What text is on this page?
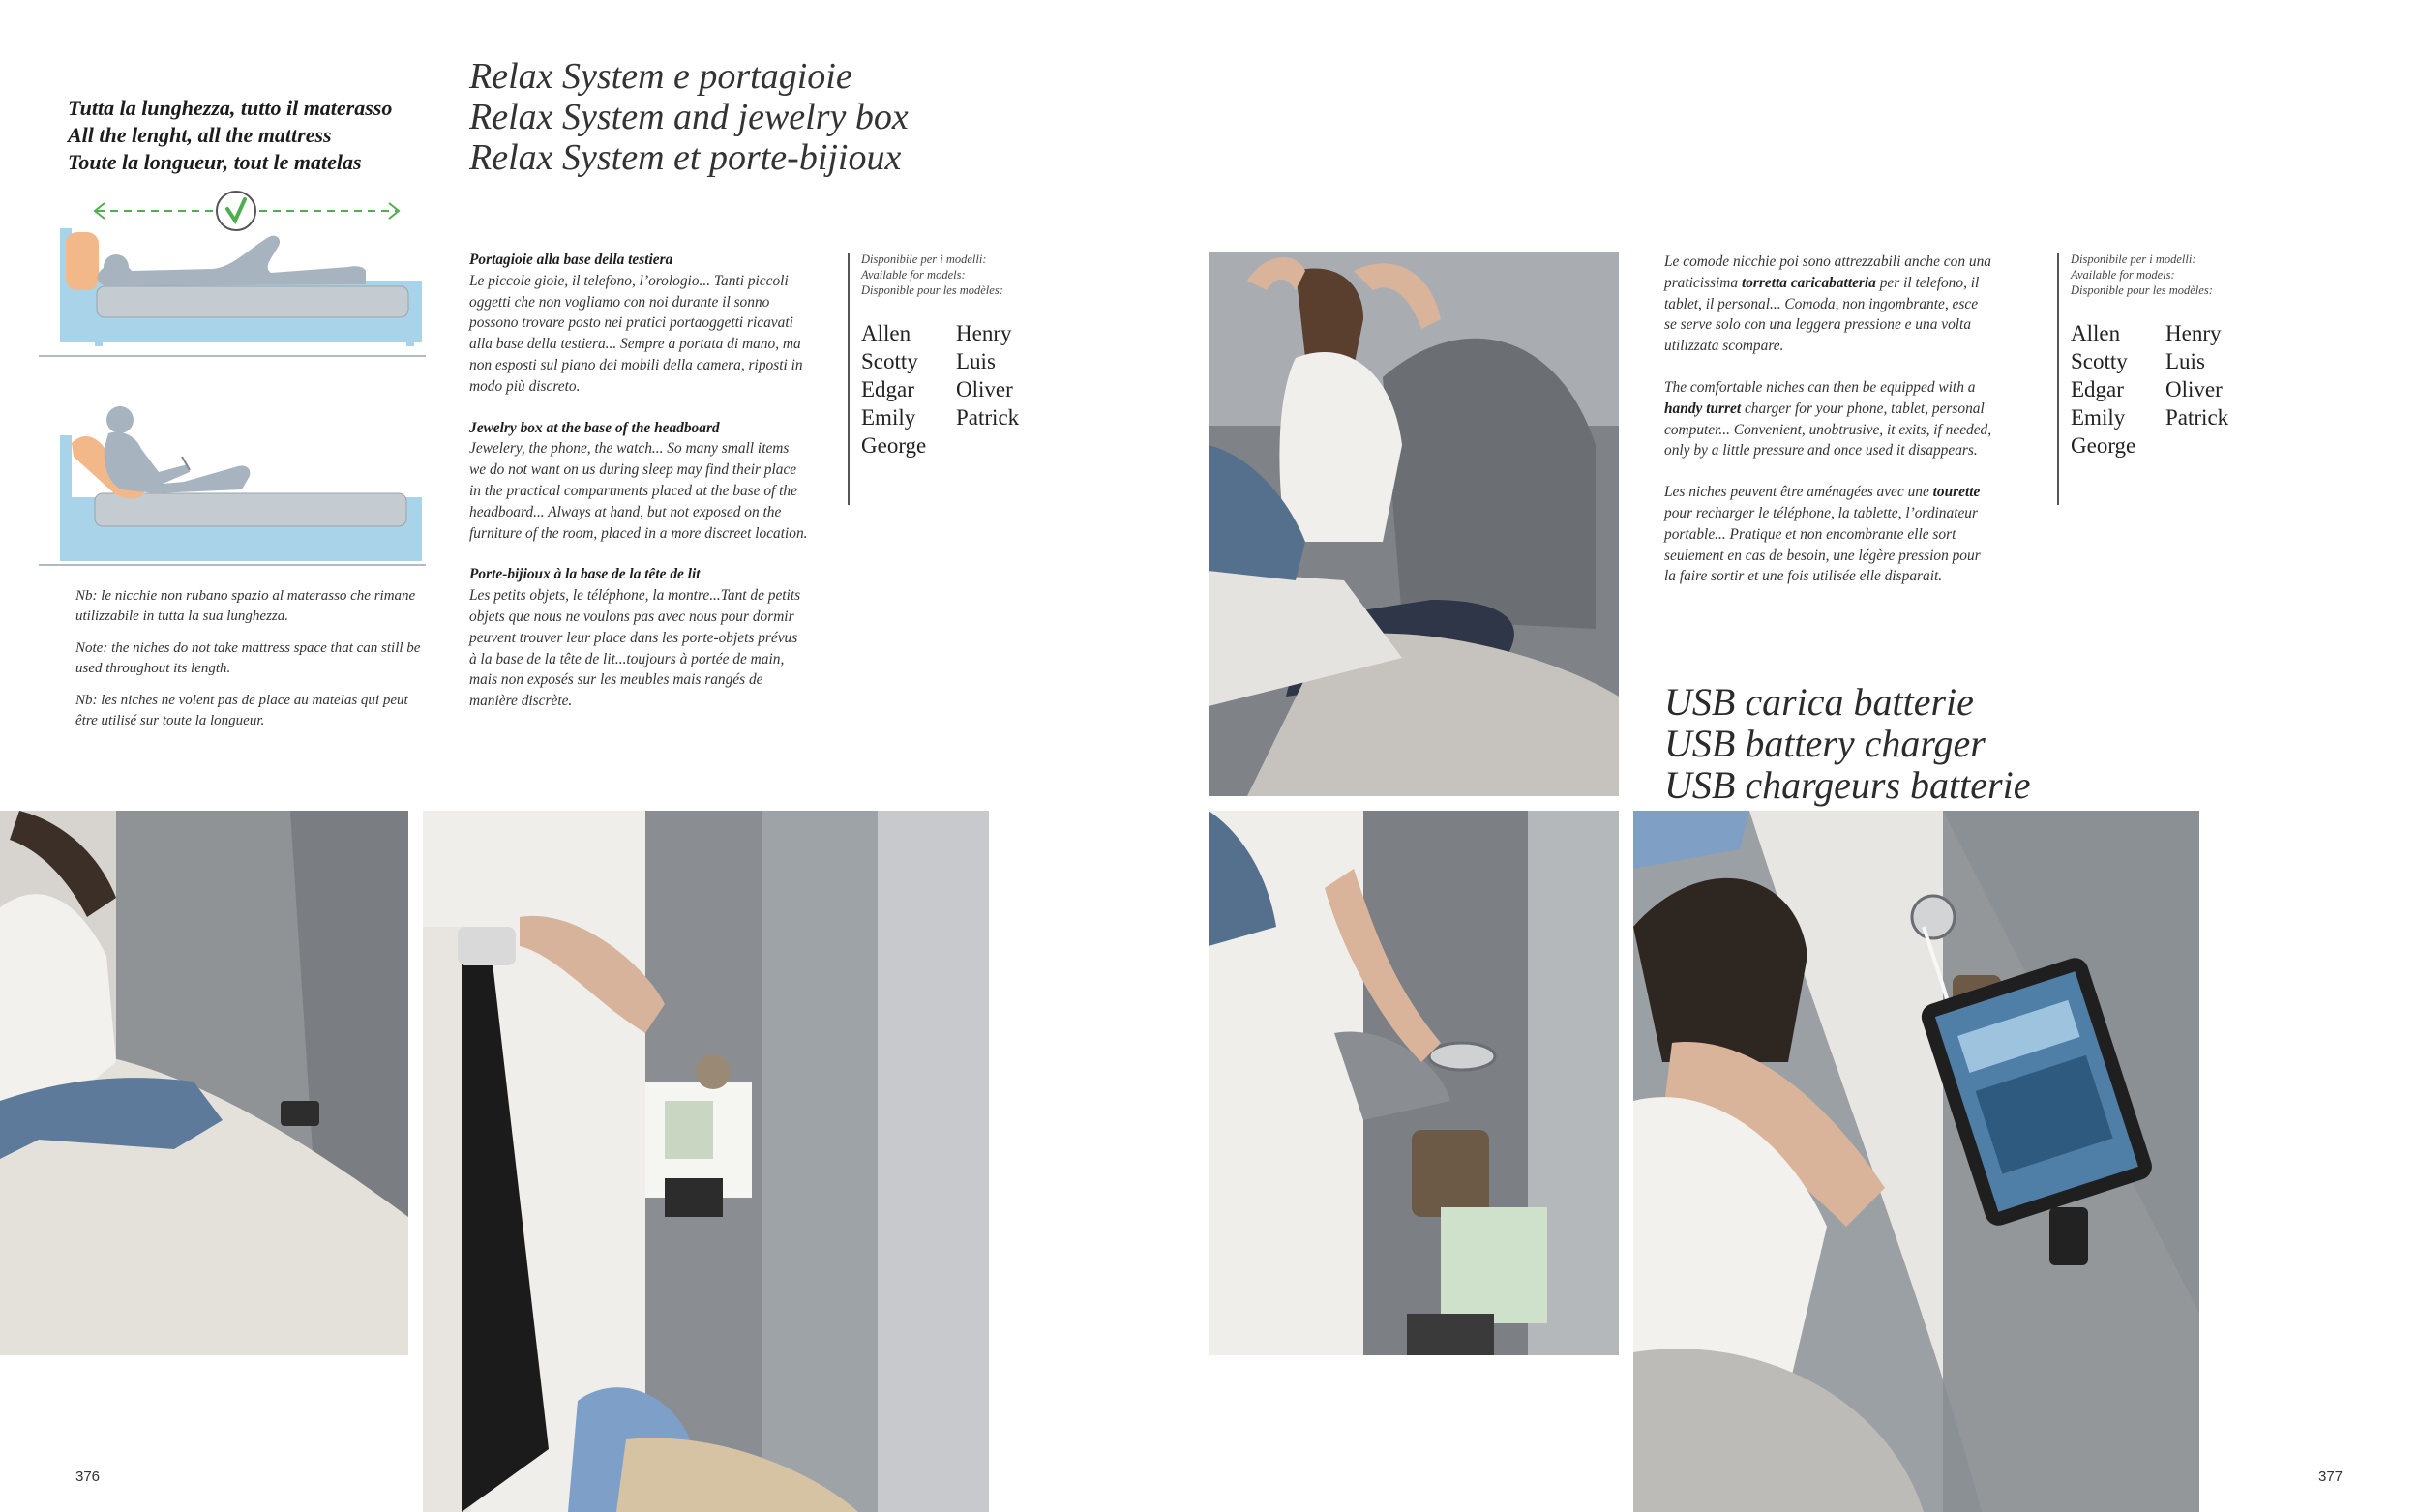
Tutta la lunghezza, tutto il materasso
All the lenght, all the mattress
Toute la longueur, tout le matelas

Nb: le nicchie non rubano spazio al materasso che rimane utilizzabile in tutta la sua lunghezza.

Note: the niches do not take mattress space that can still be used throughout its length.

Nb: les niches ne volent pas de place au matelas qui peut être utilisé sur toute la longueur.

Relax System e portagioie
Relax System and jewelry box
Relax System et porte-bijioux

Portagioie alla base della testiera
Le piccole gioie, il telefono, l’orologio... Tanti piccoli oggetti che non vogliamo con noi durante il sonno possono trovare posto nei pratici portaoggetti ricavati alla base della testiera... Sempre a portata di mano, ma non esposti sul piano dei mobili della camera, riposti in modo più discreto.

Jewelry box at the base of the headboard
Jewelery, the phone, the watch... So many small items we do not want on us during sleep may find their place in the practical compartments placed at the base of the headboard... Always at hand, but not exposed on the furniture of the room, placed in a more discreet location.

Porte-bijioux à la base de la tête de lit
Les petits objets, le téléphone, la montre...Tant de petits objets que nous ne voulons pas avec nous pour dormir peuvent trouver leur place dans les porte-objets prévus à la base de la tête de lit...toujours à portée de main, mais non exposés sur les meubles mais rangés de manière discrète.

Disponibile per i modelli:
Available for models:
Disponible pour les modèles:
Allen
Scotty
Edgar
Emily
George
Henry
Luis
Oliver
Patrick
376

Le comode nicchie poi sono attrezzabili anche con una praticissima torretta caricabatteria per il telefono, il tablet, il personal... Comoda, non ingombrante, esce se serve solo con una leggera pressione e una volta utilizzata scompare.

The comfortable niches can then be equipped with a handy turret charger for your phone, tablet, personal computer... Convenient, unobtrusive, it exits, if needed, only by a little pressure and once used it disappears.

Les niches peuvent être aménagées avec une tourette pour recharger le téléphone, la tablette, l’ordinateur portable... Pratique et non encombrante elle sort seulement en cas de besoin, une légère pression pour la faire sortir et une fois utilisée elle disparait.

Disponibile per i modelli:
Available for models:
Disponible pour les modèles:
Allen
Scotty
Edgar
Emily
George
Henry
Luis
Oliver
Patrick
USB carica batterie
USB battery charger
USB chargeurs batterie
377
